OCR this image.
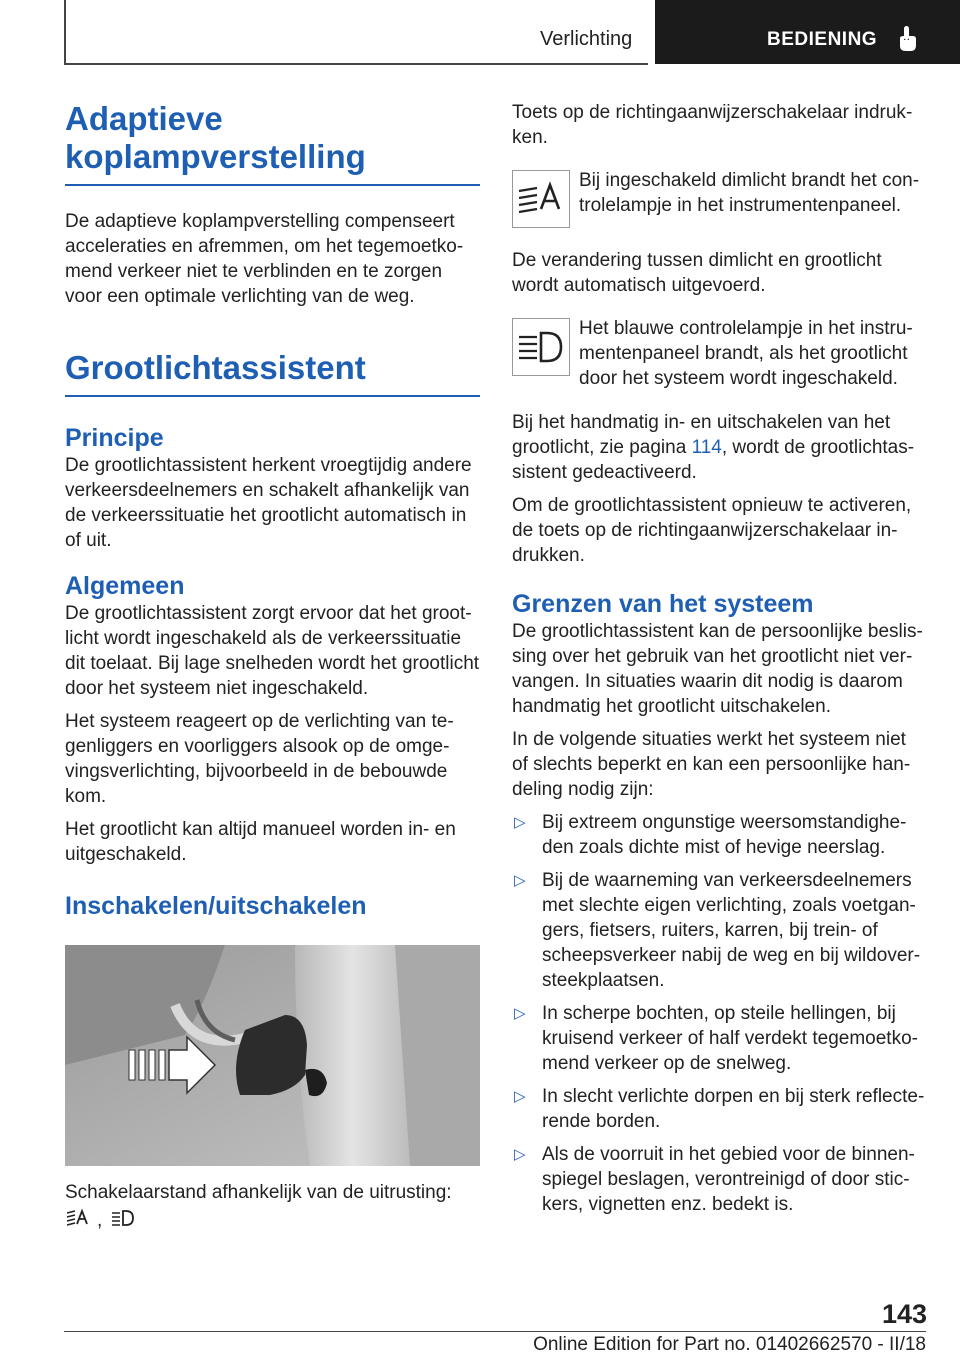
Verlichting	BEDIENING
Adaptieve
koplampverstelling

De adaptieve koplampverstelling compenseert acceleraties en afremmen, om het tegemoetkomend verkeer niet te verblinden en te zorgen voor een optimale verlichting van de weg.

Grootlichtassistent
Principe

De grootlichtassistent herkent vroegtijdig andere verkeersdeelnemers en schakelt afhankelijk van de verkeerssituatie het grootlicht automatisch in of uit.

Algemeen

De grootlichtassistent zorgt ervoor dat het grootlicht wordt ingeschakeld als de verkeerssituatie dit toelaat. Bij lage snelheden wordt het grootlicht door het systeem niet ingeschakeld.

Het systeem reageert op de verlichting van tegenliggers en voorliggers alsook op de omgevingsverlichting, bijvoorbeeld in de bebouwde kom.

Het grootlicht kan altijd manueel worden in- en uitgeschakeld.

Inschakelen/uitschakelen

Schakelaarstand afhankelijk van de uitrusting:

,

Toets op de richtingaanwijzerschakelaar indrukken.

Bij ingeschakeld dimlicht brandt het controlelampje in het instrumentenpaneel.

De verandering tussen dimlicht en grootlicht wordt automatisch uitgevoerd.

Het blauwe controlelampje in het instrumentenpaneel brandt, als het grootlicht door het systeem wordt ingeschakeld.

Bij het handmatig in- en uitschakelen van het grootlicht, zie pagina 114, wordt de grootlichtassistent gedeactiveerd.

Om de grootlichtassistent opnieuw te activeren, de toets op de richtingaanwijzerschakelaar indrukken.

Grenzen van het systeem

De grootlichtassistent kan de persoonlijke beslissing over het gebruik van het grootlicht niet vervangen. In situaties waarin dit nodig is daarom handmatig het grootlicht uitschakelen.

In de volgende situaties werkt het systeem niet of slechts beperkt en kan een persoonlijke handeling nodig zijn:

▷ Bij extreem ongunstige weersomstandigheden zoals dichte mist of hevige neerslag.
▷ Bij de waarneming van verkeersdeelnemers met slechte eigen verlichting, zoals voetgangers, fietsers, ruiters, karren, bij trein- of scheepsverkeer nabij de weg en bij wildoversteekplaatsen.
▷ In scherpe bochten, op steile hellingen, bij kruisend verkeer of half verdekt tegemoetkomend verkeer op de snelweg.
▷ In slecht verlichte dorpen en bij sterk reflecterende borden.
▷ Als de voorruit in het gebied voor de binnenspiegel beslagen, verontreinigd of door stickers, vignetten enz. bedekt is.
143
Online Edition for Part no. 01402662570 - II/18
